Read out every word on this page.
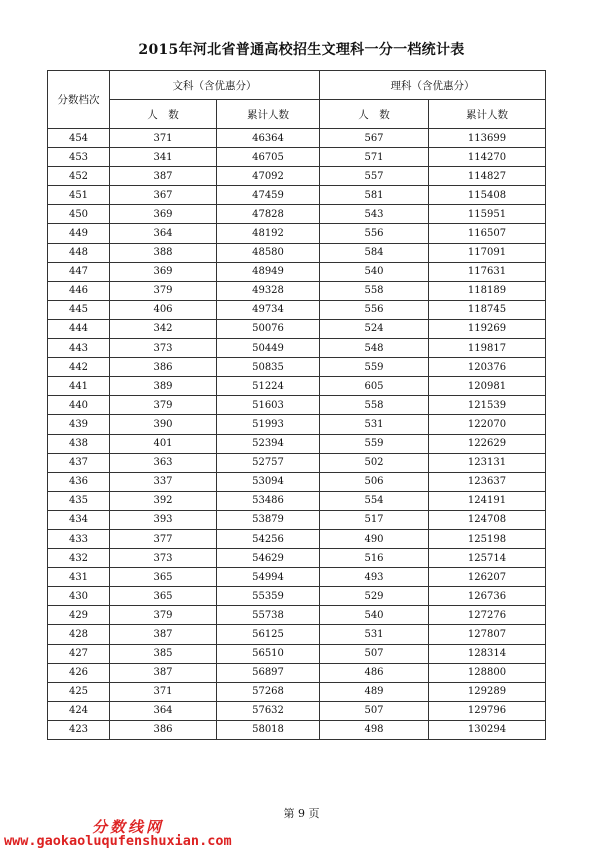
2015年河北省普通高校招生文理科一分一档统计表
分数档次	文科（含优惠分）		理科（含优惠分）	
	人　数	累计人数	人　数	累计人数
454	371	46364	567	113699
453	341	46705	571	114270
452	387	47092	557	114827
451	367	47459	581	115408
450	369	47828	543	115951
449	364	48192	556	116507
448	388	48580	584	117091
447	369	48949	540	117631
446	379	49328	558	118189
445	406	49734	556	118745
444	342	50076	524	119269
443	373	50449	548	119817
442	386	50835	559	120376
441	389	51224	605	120981
440	379	51603	558	121539
439	390	51993	531	122070
438	401	52394	559	122629
437	363	52757	502	123131
436	337	53094	506	123637
435	392	53486	554	124191
434	393	53879	517	124708
433	377	54256	490	125198
432	373	54629	516	125714
431	365	54994	493	126207
430	365	55359	529	126736
429	379	55738	540	127276
428	387	56125	531	127807
427	385	56510	507	128314
426	387	56897	486	128800
425	371	57268	489	129289
424	364	57632	507	129796
423	386	58018	498	130294
第 9 页
分数线网
www.gaokaoluqufenshuxian.com
